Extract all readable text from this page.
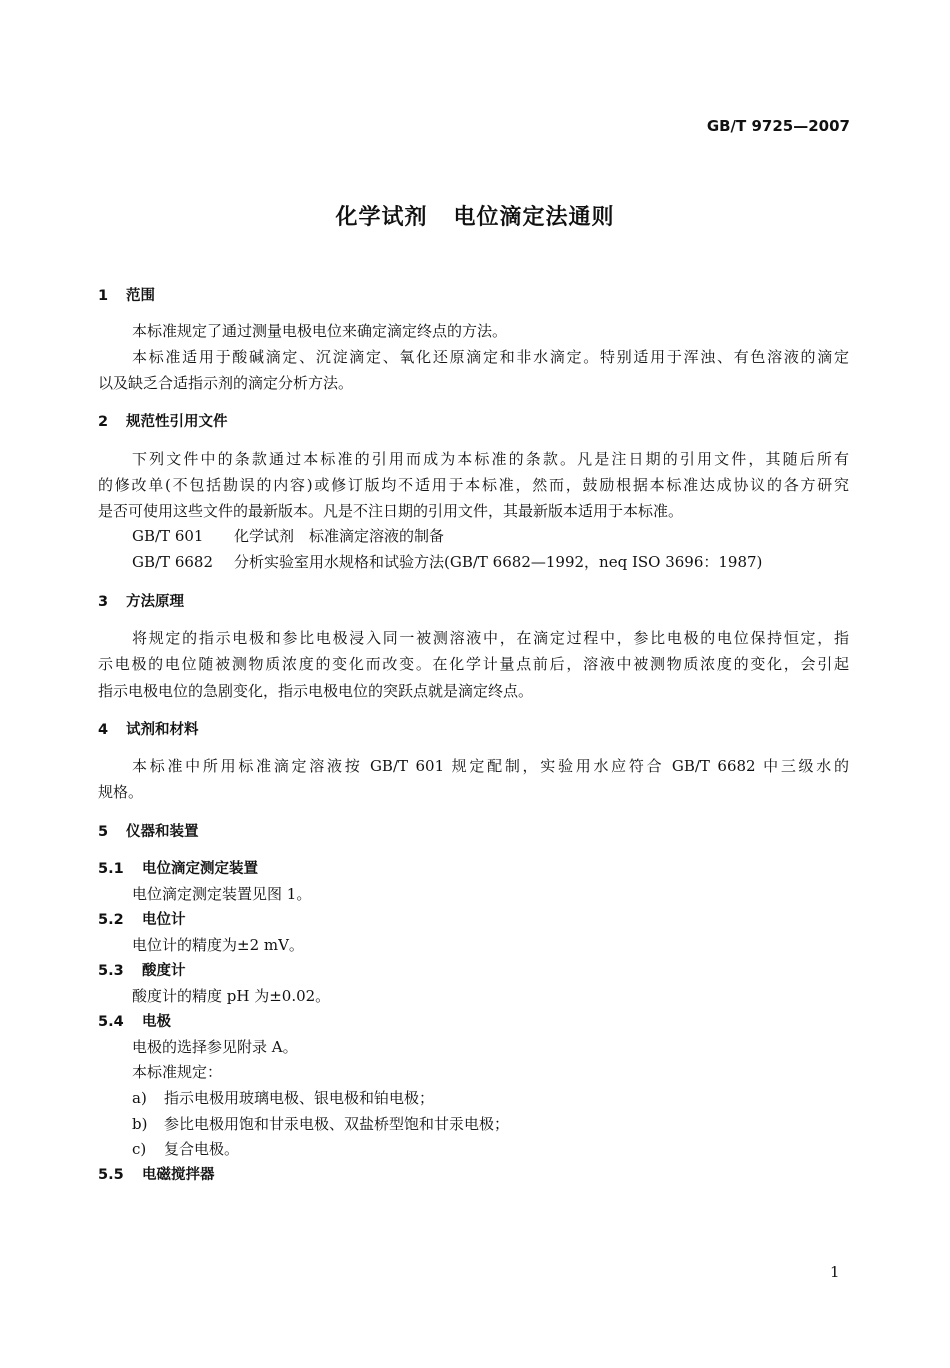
GB/T 9725—2007
化学试剂 电位滴定法通则
1 范围
本标准规定了通过测量电极电位来确定滴定终点的方法。
本标准适用于酸碱滴定、沉淀滴定、氧化还原滴定和非水滴定。特别适用于浑浊、有色溶液的滴定
以及缺乏合适指示剂的滴定分析方法。
2 规范性引用文件
下列文件中的条款通过本标准的引用而成为本标准的条款。凡是注日期的引用文件，其随后所有
的修改单(不包括勘误的内容)或修订版均不适用于本标准，然而，鼓励根据本标准达成协议的各方研究
是否可使用这些文件的最新版本。凡是不注日期的引用文件，其最新版本适用于本标准。
GB/T 601 化学试剂　标准滴定溶液的制备
GB/T 6682 分析实验室用水规格和试验方法(GB/T 6682—1992，neq ISO 3696：1987)
3 方法原理
将规定的指示电极和参比电极浸入同一被测溶液中，在滴定过程中，参比电极的电位保持恒定，指
示电极的电位随被测物质浓度的变化而改变。在化学计量点前后，溶液中被测物质浓度的变化，会引起
指示电极电位的急剧变化，指示电极电位的突跃点就是滴定终点。
4 试剂和材料
本标准中所用标准滴定溶液按 GB/T 601 规定配制，实验用水应符合 GB/T 6682 中三级水的
规格。
5 仪器和装置
5.1 电位滴定测定装置
电位滴定测定装置见图 1。
5.2 电位计
电位计的精度为±2 mV。
5.3 酸度计
酸度计的精度 pH 为±0.02。
5.4 电极
电极的选择参见附录 A。
本标准规定：
a) 指示电极用玻璃电极、银电极和铂电极；
b) 参比电极用饱和甘汞电极、双盐桥型饱和甘汞电极；
c) 复合电极。
5.5 电磁搅拌器
1
